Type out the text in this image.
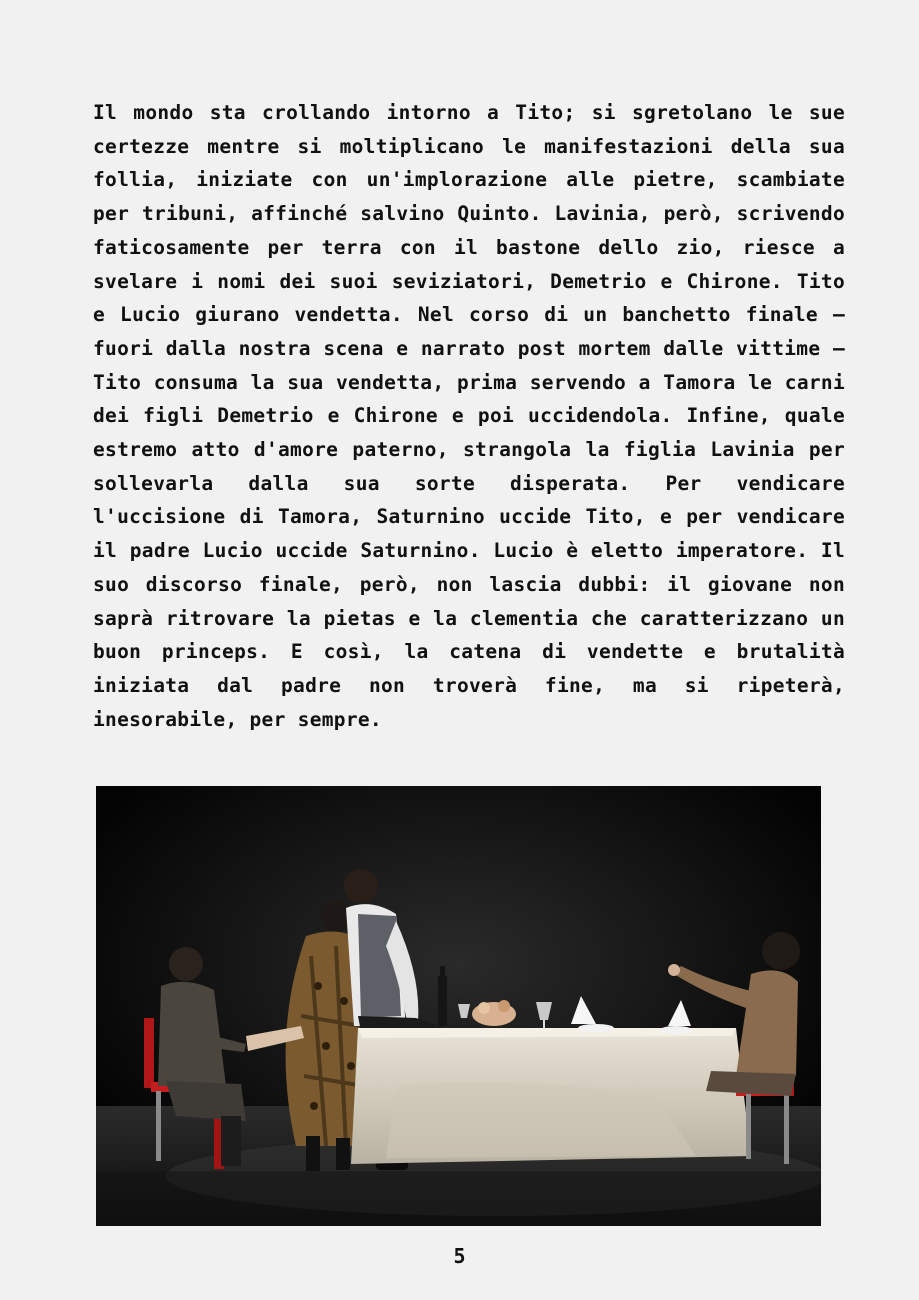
Il mondo sta crollando intorno a Tito; si sgretolano le sue certezze mentre si moltiplicano le manifestazioni della sua follia, iniziate con un'implorazione alle pietre, scambiate per tribuni, affinché salvino Quinto. Lavinia, però, scrivendo faticosamente per terra con il bastone dello zio, riesce a svelare i nomi dei suoi seviziatori, Demetrio e Chirone. Tito e Lucio giurano vendetta. Nel corso di un banchetto finale – fuori dalla nostra scena e narrato post mortem dalle vittime – Tito consuma la sua vendetta, prima servendo a Tamora le carni dei figli Demetrio e Chirone e poi uccidendola. Infine, quale estremo atto d'amore paterno, strangola la figlia Lavinia per sollevarla dalla sua sorte disperata. Per vendicare l'uccisione di Tamora, Saturnino uccide Tito, e per vendicare il padre Lucio uccide Saturnino. Lucio è eletto imperatore. Il suo discorso finale, però, non lascia dubbi: il giovane non saprà ritrovare la pietas e la clementia che caratterizzano un buon princeps. E così, la catena di vendette e brutalità iniziata dal padre non troverà fine, ma si ripeterà, inesorabile, per sempre.

5
